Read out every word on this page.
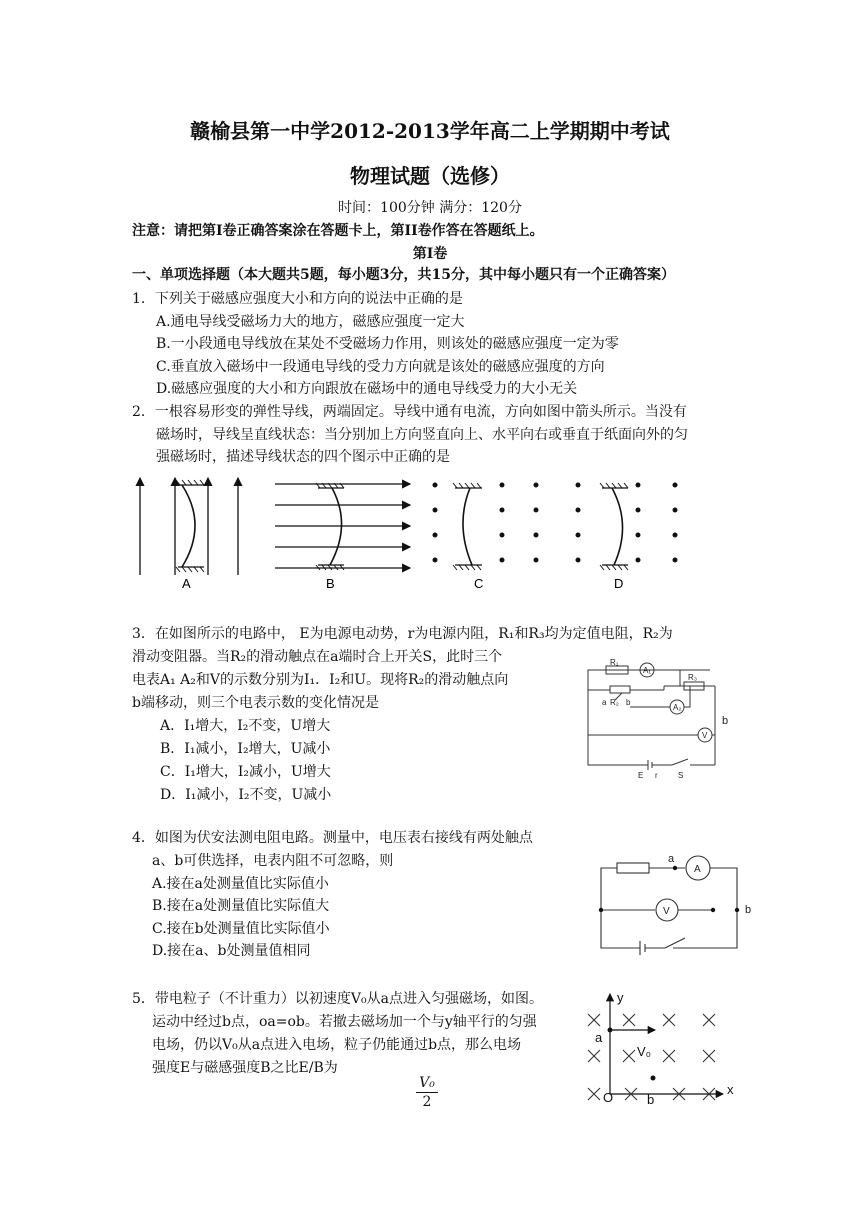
赣榆县第一中学2012-2013学年高二上学期期中考试
物理试题（选修）
时间：100分钟 满分：120分
注意：请把第Ⅰ卷正确答案涂在答题卡上，第II卷作答在答题纸上。
第Ⅰ卷
一、单项选择题（本大题共5题，每小题3分，共15分，其中每小题只有一个正确答案）
1．下列关于磁感应强度大小和方向的说法中正确的是
A.通电导线受磁场力大的地方，磁感应强度一定大
B.一小段通电导线放在某处不受磁场力作用，则该处的磁感应强度一定为零
C.垂直放入磁场中一段通电导线的受力方向就是该处的磁感应强度的方向
D.磁感应强度的大小和方向跟放在磁场中的通电导线受力的大小无关
2．一根容易形变的弹性导线，两端固定。导线中通有电流，方向如图中箭头所示。当没有
磁场时，导线呈直线状态：当分别加上方向竖直向上、水平向右或垂直于纸面向外的匀
强磁场时，描述导线状态的四个图示中正确的是
A	B	C	D
3．在如图所示的电路中， E为电源电动势，r为电源内阻，R₁和R₃均为定值电阻，R₂为
滑动变阻器。当R₂的滑动触点在a端时合上开关S，此时三个
电表A₁ A₂和V的示数分别为I₁．I₂和U。现将R₂的滑动触点向
b端移动，则三个电表示数的变化情况是
A．I₁增大，I₂不变，U增大
B．I₁减小，I₂增大，U减小
C．I₁增大，I₂减小，U增大
D．I₁减小，I₂不变，U减小
R₁
A₁
R₃
R₂
a b
A₂
V
E r	S
b
4．如图为伏安法测电阻电路。测量中，电压表右接线有两处触点
a、b可供选择，电表内阻不可忽略，则
A.接在a处测量值比实际值小
B.接在a处测量值比实际值大
C.接在b处测量值比实际值小
D.接在a、b处测量值相同
a
b
A
V
5．带电粒子（不计重力）以初速度V₀从a点进入匀强磁场，如图。
运动中经过b点，oa=ob。若撤去磁场加一个与y轴平行的匀强
电场，仍以V₀从a点进入电场，粒子仍能通过b点，那么电场
强度E与磁感强度B之比E/B为
V₀
2
y
x
O
a
b
V₀
